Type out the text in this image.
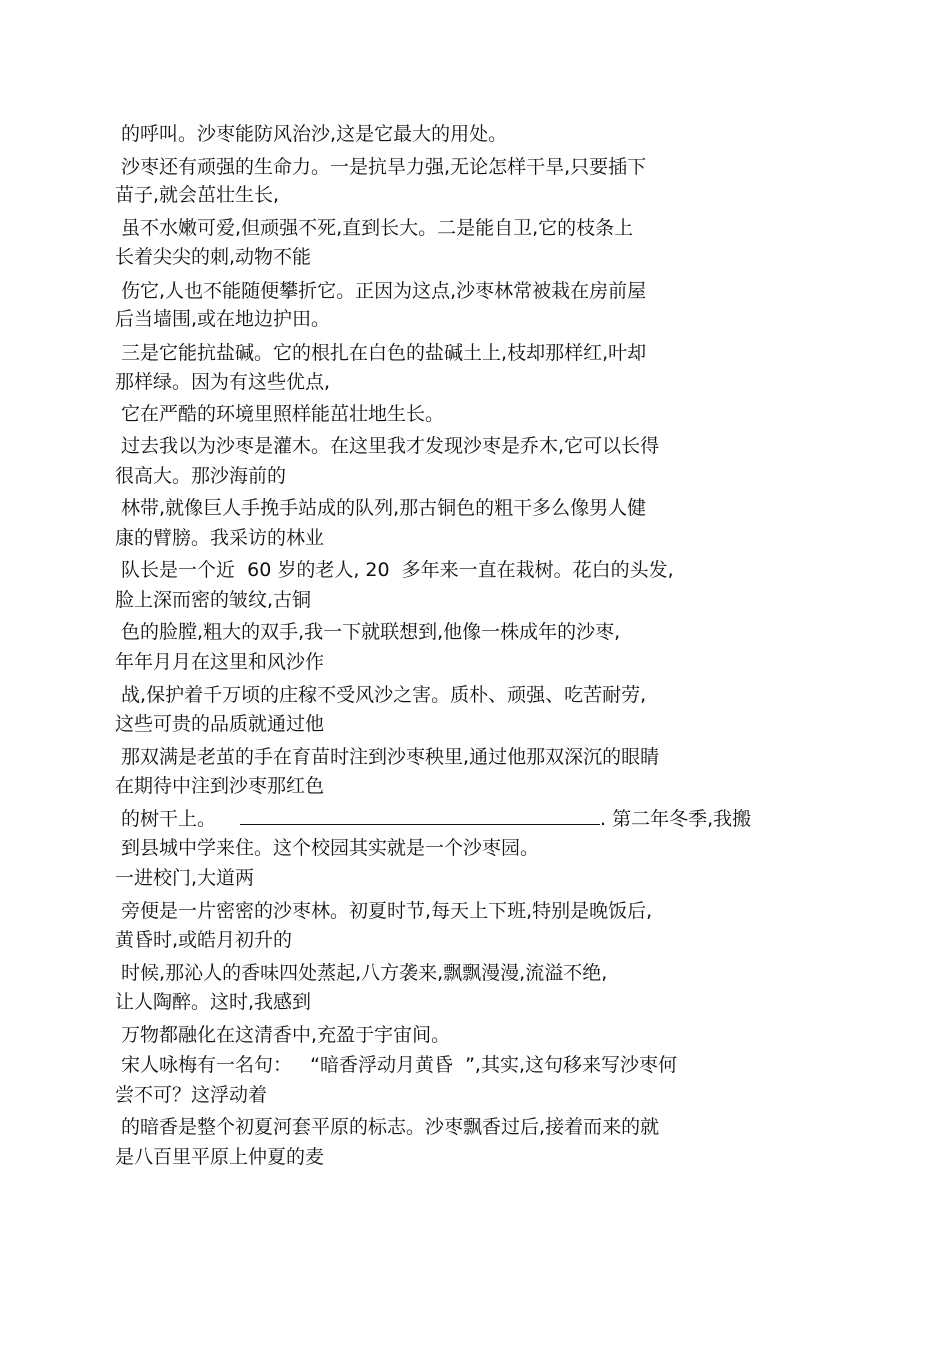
的呼叫。沙枣能防风治沙,这是它最大的用处。
沙枣还有顽强的生命力。一是抗旱力强,无论怎样干旱,只要插下
苗子,就会茁壮生长,
虽不水嫩可爱,但顽强不死,直到长大。二是能自卫,它的枝条上
长着尖尖的刺,动物不能
伤它,人也不能随便攀折它。正因为这点,沙枣林常被栽在房前屋
后当墙围,或在地边护田。
三是它能抗盐碱。它的根扎在白色的盐碱土上,枝却那样红,叶却
那样绿。因为有这些优点,
它在严酷的环境里照样能茁壮地生长。
过去我以为沙枣是灌木。在这里我才发现沙枣是乔木,它可以长得
很高大。那沙海前的
林带,就像巨人手挽手站成的队列,那古铜色的粗干多么像男人健
康的臂膀。我采访的林业
队长是一个近  60 岁的老人, 20  多年来一直在栽树。花白的头发,
脸上深而密的皱纹,古铜
色的脸膛,粗大的双手,我一下就联想到,他像一株成年的沙枣,
年年月月在这里和风沙作
战,保护着千万顷的庄稼不受风沙之害。质朴、顽强、吃苦耐劳,
这些可贵的品质就通过他
那双满是老茧的手在育苗时注到沙枣秧里,通过他那双深沉的眼睛
在期待中注到沙枣那红色
的树干上。	. 第二年冬季,我搬
到县城中学来住。这个校园其实就是一个沙枣园。
一进校门,大道两
旁便是一片密密的沙枣林。初夏时节,每天上下班,特别是晚饭后,
黄昏时,或皓月初升的
时候,那沁人的香味四处蒸起,八方袭来,飘飘漫漫,流溢不绝,
让人陶醉。这时,我感到
万物都融化在这清香中,充盈于宇宙间。
宋人咏梅有一名句：   “暗香浮动月黄昏  ”,其实,这句移来写沙枣何
尝不可？这浮动着
的暗香是整个初夏河套平原的标志。沙枣飘香过后,接着而来的就
是八百里平原上仲夏的麦
